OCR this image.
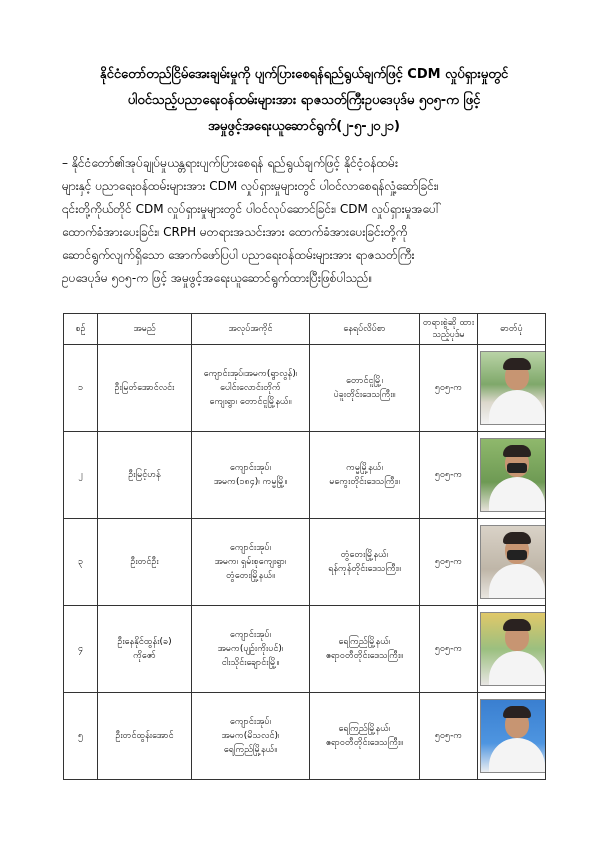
နိုင်ငံတော်တည်ငြိမ်အေးချမ်းမှုကို ပျက်ပြားစေရန်ရည်ရွယ်ချက်ဖြင့် CDM လှုပ်ရှားမှုတွင်
ပါဝင်သည့်ပညာရေးဝန်ထမ်းများအား ရာဇသတ်ကြီးဥပဒေပုဒ်မ ၅၀၅-က ဖြင့်
အမှုဖွင့်အရေးယူဆောင်ရွက်(၂-၅-၂၀၂၁)
– နိုင်ငံတော်၏အုပ်ချုပ်မှုယန္တရားပျက်ပြားစေရန် ရည်ရွယ်ချက်ဖြင့် နိုင်ငံ့ဝန်ထမ်း
များနှင့် ပညာရေးဝန်ထမ်းများအား CDM လှုပ်ရှားမှုများတွင် ပါဝင်လာစေရန်လှုံ့ဆော်ခြင်း၊
၎င်းတို့ကိုယ်တိုင် CDM လှုပ်ရှားမှုများတွင် ပါဝင်လုပ်ဆောင်ခြင်း၊ CDM လှုပ်ရှားမှုအပေါ်
ထောက်ခံအားပေးခြင်း၊ CRPH မတရားအသင်းအား ထောက်ခံအားပေးခြင်းတို့ကို
ဆောင်ရွက်လျက်ရှိသော အောက်ဖော်ပြပါ ပညာရေးဝန်ထမ်းများအား ရာဇသတ်ကြီး
ဥပဒေပုဒ်မ ၅၀၅-က ဖြင့် အမှုဖွင့်အရေးယူဆောင်ရွက်ထားပြီးဖြစ်ပါသည်။
စဉ်	အမည်	အလုပ်အကိုင်	နေရပ်လိပ်စာ	တရားစွဲဆို ထားသည့်ပုဒ်မ	ဓာတ်ပုံ
၁	ဦးမြတ်အောင်လင်း	ကျောင်းအုပ်၊အမက(ရွာလွန်)၊
ပေါင်းလောင်းတိုက်
ကျေးရွာ၊ တောင်ငူမြို့နယ်။	တောင်ငူမြို့၊
ပဲခူးတိုင်းဒေသကြီး။	၅၀၅-က	

၂	ဦးမြင့်ဟန်	ကျောင်းအုပ်၊
အမက(၁၈၄)၊ ကမ္မမြို့။	ကမ္မမြို့နယ်၊
မကွေးတိုင်းဒေသကြီး။	၅၀၅-က	

၃	ဦးတင်ဦး	ကျောင်းအုပ်၊
အမက၊ ရှမ်းစုကျေးရွာ၊
တွံတေးမြို့နယ်။	တွံတေးမြို့နယ်၊
ရန်ကုန်တိုင်းဒေသကြီး။	၅၀၅-က	

၄	ဦးနေနိုင်ထွန်း(ခ)
ကိုဇော်	ကျောင်းအုပ်၊
အမက(ပျဉ်းကိုးပင်)၊
ငါးသိုင်းချောင်းမြို့။	ရေကြည်မြို့နယ်၊
ဧရာဝတီတိုင်းဒေသကြီး။	၅၀၅-က	

၅	ဦးတင်ထွန်းအောင်	ကျောင်းအုပ်၊
အမက(မိသလင်)၊
ရေကြည်မြို့နယ်။	ရေကြည်မြို့နယ်၊
ဧရာဝတီတိုင်းဒေသကြီး။	၅၀၅-က	
